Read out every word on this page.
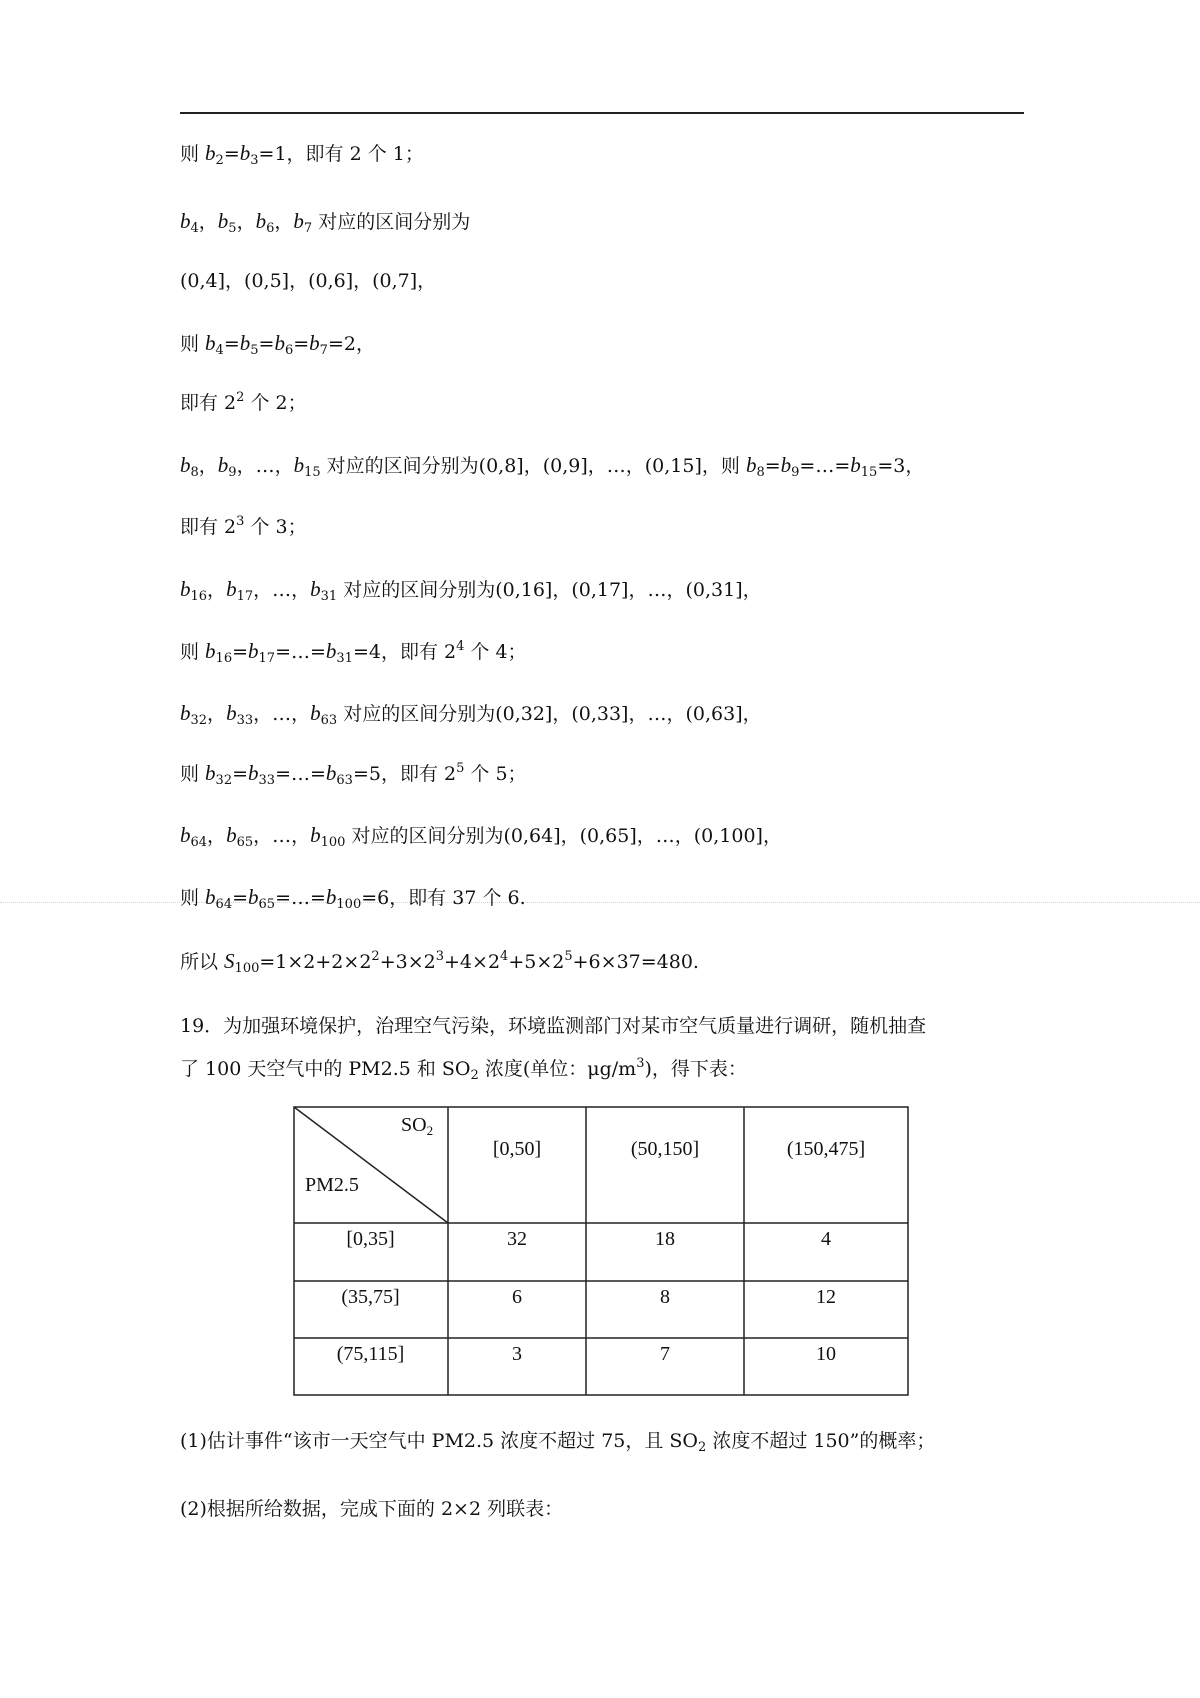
则 $b_2=b_3=1$，即有 2 个 1；
$b_4$，$b_5$，$b_6$，$b_7$ 对应的区间分别为
(0,4]，(0,5]，(0,6]，(0,7]，
则 $b_4=b_5=b_6=b_7=2$，
即有 $2^2$ 个 2；
$b_8$，$b_9$，…，$b_{15}$ 对应的区间分别为(0,8]，(0,9]，…，(0,15]，则 $b_8=b_9=\dots=b_{15}=3$，
即有 $2^3$ 个 3；
$b_{16}$，$b_{17}$，…，$b_{31}$ 对应的区间分别为(0,16]，(0,17]，…，(0,31]，
则 $b_{16}=b_{17}=\dots=b_{31}=4$，即有 $2^4$ 个 4；
$b_{32}$，$b_{33}$，…，$b_{63}$ 对应的区间分别为(0,32]，(0,33]，…，(0,63]，
则 $b_{32}=b_{33}=\dots=b_{63}=5$，即有 $2^5$ 个 5；
$b_{64}$，$b_{65}$，…，$b_{100}$ 对应的区间分别为(0,64]，(0,65]，…，(0,100]，
则 $b_{64}=b_{65}=\dots=b_{100}=6$，即有 37 个 6.
所以 $S_{100}=1\times 2+2\times 2^2+3\times 2^3+4\times 2^4+5\times 2^5+6\times 37=480$.
19．为加强环境保护，治理空气污染，环境监测部门对某市空气质量进行调研，随机抽查
了 100 天空气中的 PM2.5 和 $SO_2$ 浓度(单位：$\mu g/m^3$)，得下表：
$SO_2$
PM2.5
[0,50]	(50,150]	(150,475]
[0,35]	32	18	4
(35,75]	6	8	12
(75,115]	3	7	10
(1)估计事件“该市一天空气中 PM2.5 浓度不超过 75，且 $SO_2$ 浓度不超过 150”的概率；
(2)根据所给数据，完成下面的 2×2 列联表：
